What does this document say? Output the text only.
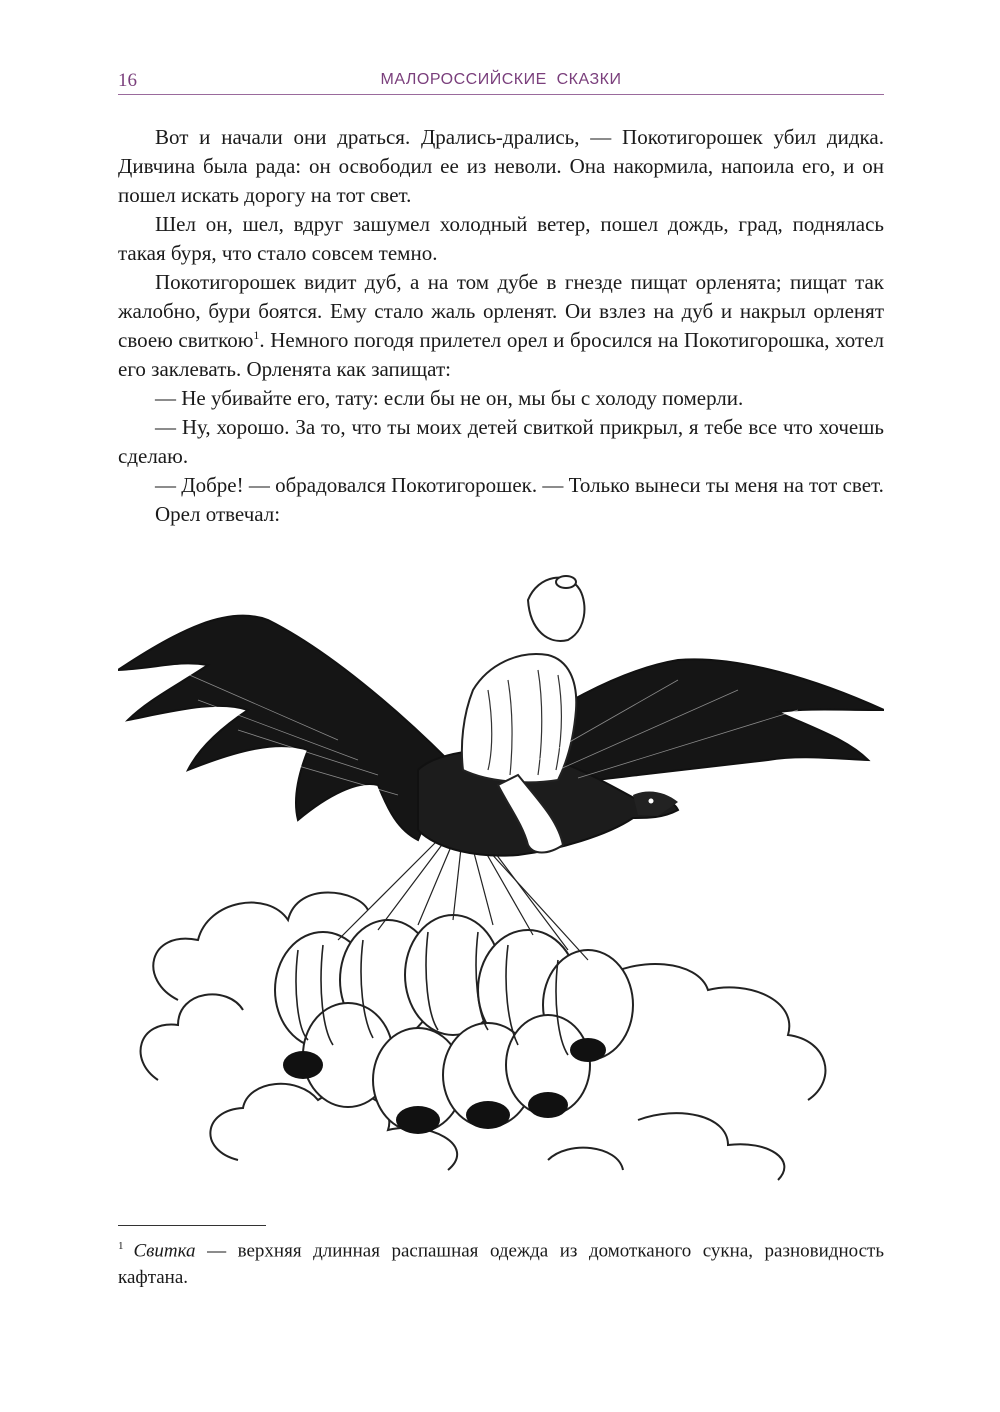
16	МАЛОРОССИЙСКИЕ  СКАЗКИ

Вот и начали они драться. Дрались-дрались, — Покотигорошек убил дидка. Дивчина была рада: он освободил ее из неволи. Она накормила, напоила его, и он пошел искать дорогу на тот свет.

Шел он, шел, вдруг зашумел холодный ветер, пошел дождь, град, поднялась такая буря, что стало совсем темно.

Покотигорошек видит дуб, а на том дубе в гнезде пищат орленята; пищат так жалобно, бури боятся. Ему стало жаль орленят. Ои взлез на дуб и накрыл орленят своею свиткою$^1$. Немного погодя прилетел орел и бросился на Покотигорошка, хотел его заклевать. Орленята как запищат:

— Не убивайте его, тату: если бы не он, мы бы с холоду померли.

— Ну, хорошо. За то, что ты моих детей свиткой прикрыл, я тебе все что хочешь сделаю.

— Добре! — обрадовался Покотигорошек. — Только вынеси ты меня на тот свет.

Орел отвечал:

$^1$ Свитка — верхняя длинная распашная одежда из домотканого сукна, разновидность кафтана.
